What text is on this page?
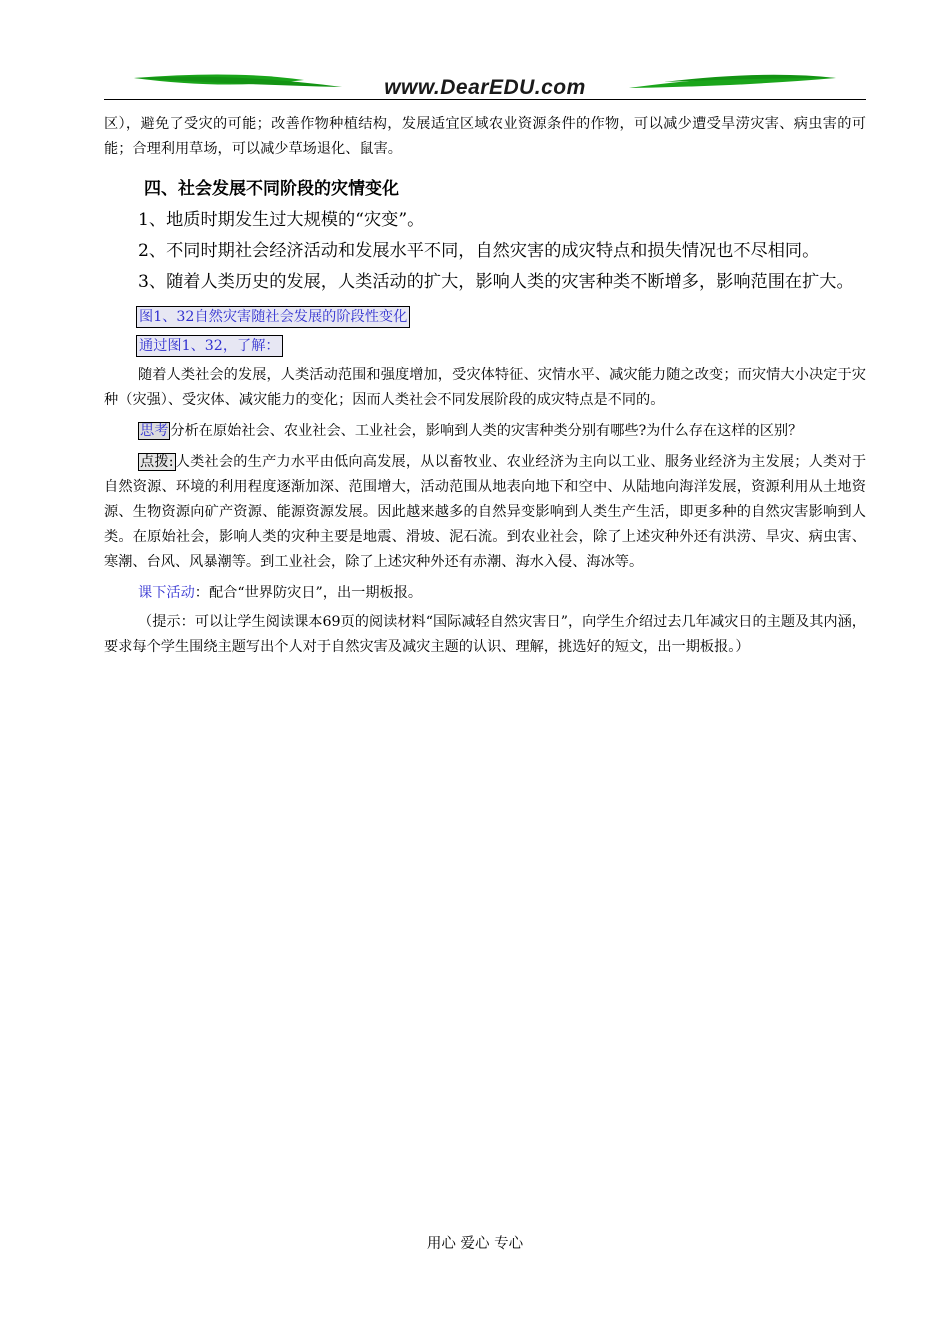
www.DearEDU.com

区），避免了受灾的可能；改善作物种植结构，发展适宜区域农业资源条件的作物，可以减少遭受旱涝灾害、病虫害的可能；合理利用草场，可以减少草场退化、鼠害。

四、社会发展不同阶段的灾情变化

1、地质时期发生过大规模的“灾变”。

2、不同时期社会经济活动和发展水平不同，自然灾害的成灾特点和损失情况也不尽相同。

3、随着人类历史的发展，人类活动的扩大，影响人类的灾害种类不断增多，影响范围在扩大。

图1、32自然灾害随社会发展的阶段性变化

通过图1、32，了解：

随着人类社会的发展，人类活动范围和强度增加，受灾体特征、灾情水平、减灾能力随之改变；而灾情大小决定于灾种（灾强）、受灾体、减灾能力的变化；因而人类社会不同发展阶段的成灾特点是不同的。

思考 分析在原始社会、农业社会、工业社会，影响到人类的灾害种类分别有哪些?为什么存在这样的区别？

点拨: 人类社会的生产力水平由低向高发展，从以畜牧业、农业经济为主向以工业、服务业经济为主发展；人类对于自然资源、环境的利用程度逐渐加深、范围增大，活动范围从地表向地下和空中、从陆地向海洋发展，资源利用从土地资源、生物资源向矿产资源、能源资源发展。因此越来越多的自然异变影响到人类生产生活，即更多种的自然灾害影响到人类。在原始社会，影响人类的灾种主要是地震、滑坡、泥石流。到农业社会，除了上述灾种外还有洪涝、旱灾、病虫害、寒潮、台风、风暴潮等。到工业社会，除了上述灾种外还有赤潮、海水入侵、海冰等。

课下活动：配合“世界防灾日”，出一期板报。

（提示：可以让学生阅读课本69页的阅读材料“国际减轻自然灾害日”，向学生介绍过去几年减灾日的主题及其内涵，要求每个学生围绕主题写出个人对于自然灾害及减灾主题的认识、理解，挑选好的短文，出一期板报。）

用心 爱心 专心
